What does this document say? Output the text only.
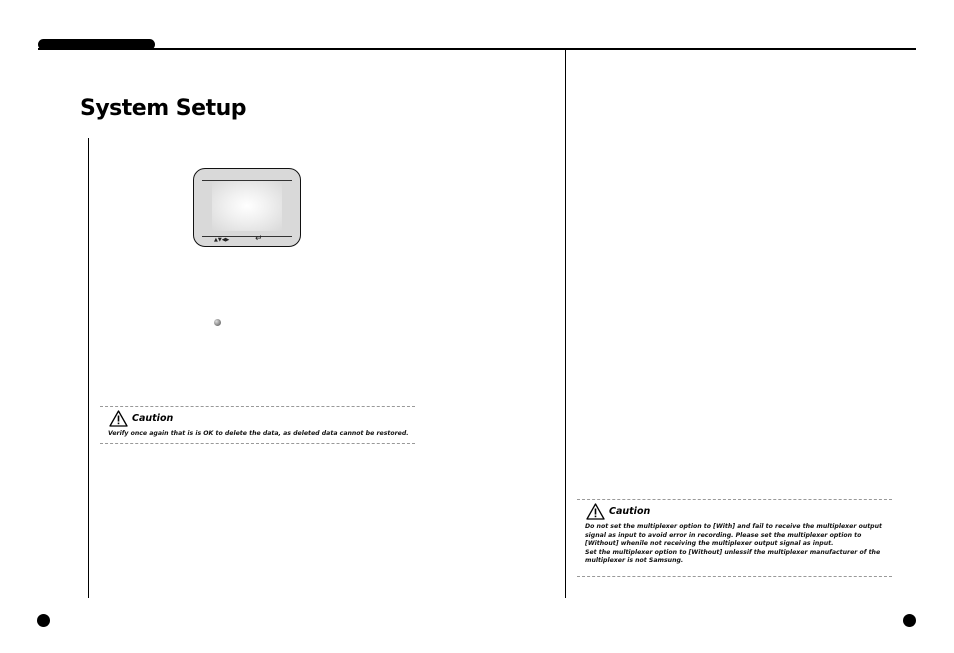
System Setup
▲▼◀▶	↵
Caution
Verify once again that is is OK to delete the data, as deleted data cannot be restored.
Caution
Do not set the multiplexer option to [With] and fail to receive the multiplexer output
signal as input to avoid error in recording. Please set the multiplexer option to
[Without] whenile not receiving the multiplexer output signal as input.
Set the multiplexer option to [Without] unlessif the multiplexer manufacturer of the
multiplexer is not Samsung.
